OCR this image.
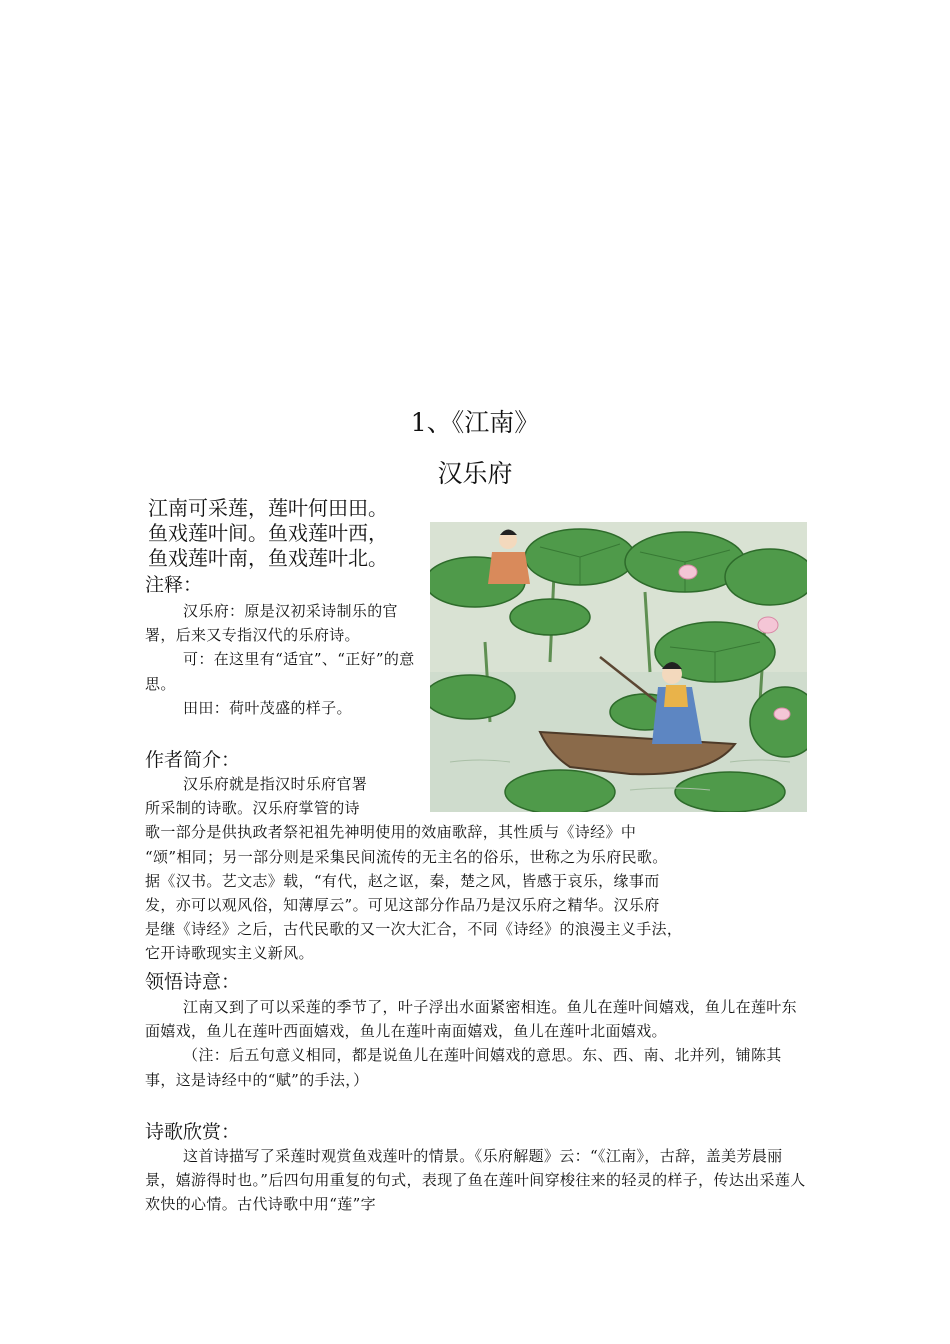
1、《江南》
汉乐府
江南可采莲，莲叶何田田。
鱼戏莲叶间。鱼戏莲叶西，
鱼戏莲叶南，鱼戏莲叶北。
注释：

汉乐府：原是汉初采诗制乐的官署，后来又专指汉代的乐府诗。

可：在这里有“适宜”、“正好”的意思。

田田：荷叶茂盛的样子。

作者简介：
汉乐府就是指汉时乐府官署
所采制的诗歌。汉乐府掌管的诗
歌一部分是供执政者祭祀祖先神明使用的效庙歌辞，其性质与《诗经》中
“颂”相同；另一部分则是采集民间流传的无主名的俗乐，世称之为乐府民歌。
据《汉书。艺文志》载，“有代，赵之讴，秦，楚之风，皆感于哀乐，缘事而
发，亦可以观风俗，知薄厚云”。可见这部分作品乃是汉乐府之精华。汉乐府
是继《诗经》之后，古代民歌的又一次大汇合，不同《诗经》的浪漫主义手法，
它开诗歌现实主义新风。
领悟诗意：

江南又到了可以采莲的季节了，叶子浮出水面紧密相连。鱼儿在莲叶间嬉戏，鱼儿在莲叶东面嬉戏，鱼儿在莲叶西面嬉戏，鱼儿在莲叶南面嬉戏，鱼儿在莲叶北面嬉戏。

（注：后五句意义相同，都是说鱼儿在莲叶间嬉戏的意思。东、西、南、北并列，铺陈其事，这是诗经中的“赋”的手法，）

诗歌欣赏：

这首诗描写了采莲时观赏鱼戏莲叶的情景。《乐府解题》云：“《江南》，古辞，盖美芳晨丽景，嬉游得时也。”后四句用重复的句式，表现了鱼在莲叶间穿梭往来的轻灵的样子，传达出采莲人欢快的心情。古代诗歌中用“莲”字
